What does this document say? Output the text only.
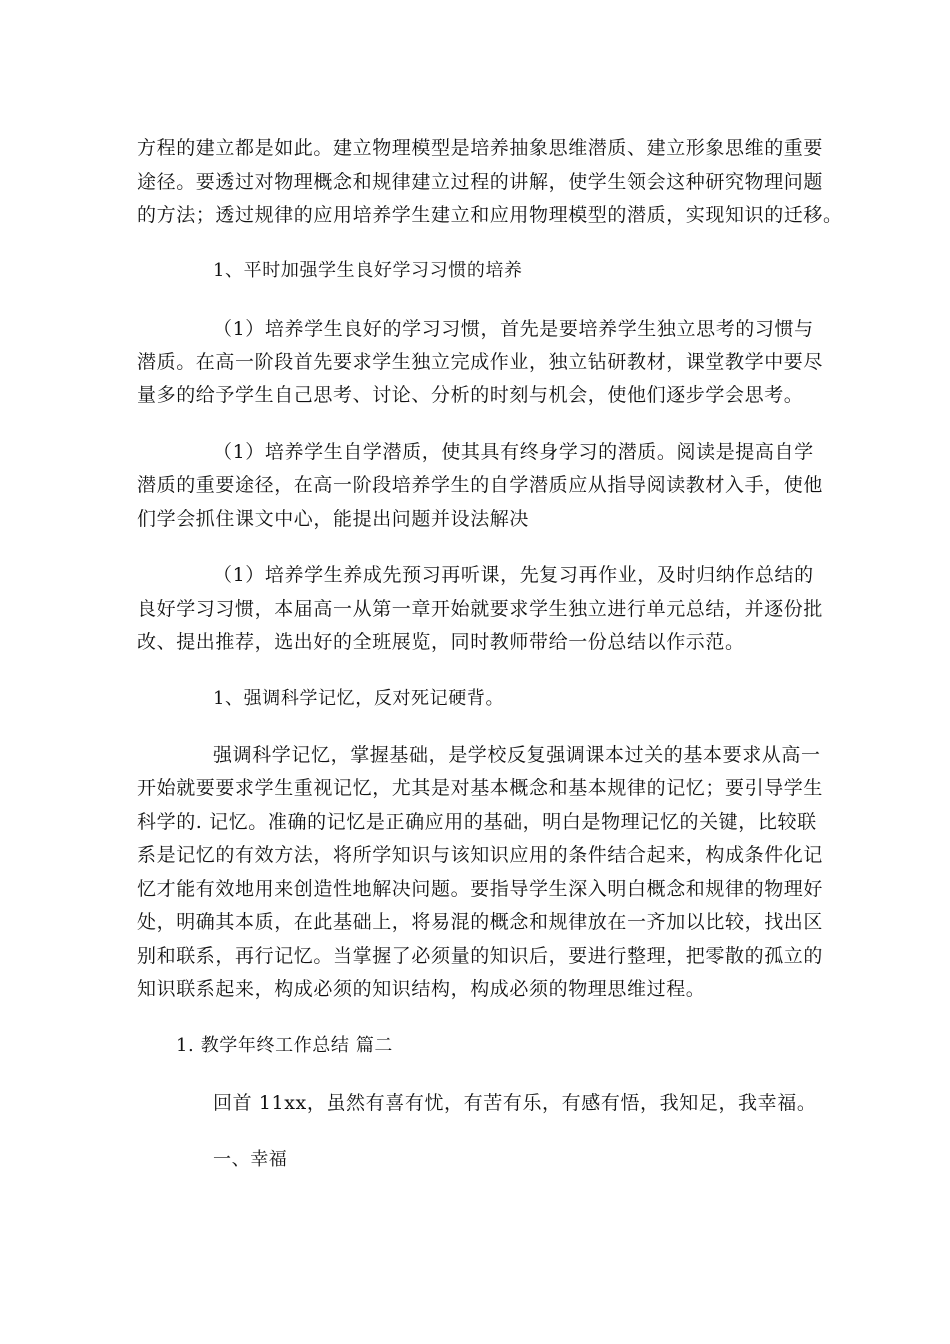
方程的建立都是如此。建立物理模型是培养抽象思维潜质、建立形象思维的重要
途径。要透过对物理概念和规律建立过程的讲解，使学生领会这种研究物理问题
的方法；透过规律的应用培养学生建立和应用物理模型的潜质，实现知识的迁移。
1、平时加强学生良好学习习惯的培养
（1）培养学生良好的学习习惯，首先是要培养学生独立思考的习惯与
潜质。在高一阶段首先要求学生独立完成作业，独立钻研教材，课堂教学中要尽
量多的给予学生自己思考、讨论、分析的时刻与机会，使他们逐步学会思考。
（1）培养学生自学潜质，使其具有终身学习的潜质。阅读是提高自学
潜质的重要途径，在高一阶段培养学生的自学潜质应从指导阅读教材入手，使他
们学会抓住课文中心，能提出问题并设法解决
（1）培养学生养成先预习再听课，先复习再作业，及时归纳作总结的
良好学习习惯，本届高一从第一章开始就要求学生独立进行单元总结，并逐份批
改、提出推荐，选出好的全班展览，同时教师带给一份总结以作示范。
1、强调科学记忆，反对死记硬背。
强调科学记忆，掌握基础，是学校反复强调课本过关的基本要求从高一
开始就要要求学生重视记忆，尤其是对基本概念和基本规律的记忆；要引导学生
科学的. 记忆。准确的记忆是正确应用的基础，明白是物理记忆的关键，比较联
系是记忆的有效方法，将所学知识与该知识应用的条件结合起来，构成条件化记
忆才能有效地用来创造性地解决问题。要指导学生深入明白概念和规律的物理好
处，明确其本质，在此基础上，将易混的概念和规律放在一齐加以比较，找出区
别和联系，再行记忆。当掌握了必须量的知识后，要进行整理，把零散的孤立的
知识联系起来，构成必须的知识结构，构成必须的物理思维过程。
1. 教学年终工作总结 篇二
回首 11xx，虽然有喜有忧，有苦有乐，有感有悟，我知足，我幸福。
一、幸福
